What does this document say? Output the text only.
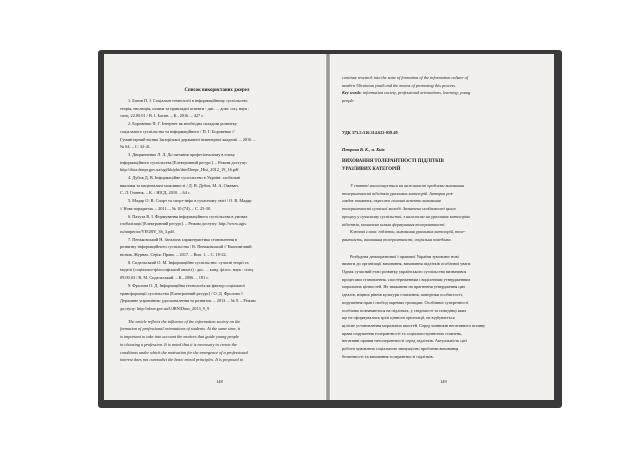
Список використаних джерел

1. Багин П. І. Соціальні технології в інформаційному суспільстві:

теорія, еволюція, шляхи та прикладні аспекти : дис. ... докт. соц. наук :

спец. 22.00.01 / В. І. Багин. – К., 2016. – 427 с.

2. Боровенко П. Г. Інтернет як необхідна складова розвитку

соціального суспільства та інформаційного / П. Г. Боровенко //

Гуманітарний вісник Запорізької державної інженерної академії. – 2016. –

№ 64. – С. 32-41.

3. Дворянченко Л. Л. До питання професіоналізму в епоху

інформаційного суспільства [Електронний ресурс]. – Режим доступу:

http://dsia.dnepr.gov.ua/ugt/kb/phs/dne/Dnepr_Hist_2012_19_16.pdf

4. Дубов Д. В. Інформаційне суспільство в Україні: глобальні

виклики та національні можливості / Д. В. Дубов, М. А. Ожеван,

С. Л. Гнатюк. – К. : НІСД, 2010. – 64 с.

5. Мадяр О. В. Спорт та спорт-інфо в сучасному світі / О. В. Мадяр

// Нова парадигма. – 2011. – № 10 (74). – С. 25-30.

6. Пахута В. І. Формування інформаційного суспільства в умовах

глобалізації [Електронний ресурс]. – Режим доступу: http://www.agis.

ru/amperior/VEGBY_36_3.pdf.

7. Пеньковський Н. Загальна характеристика становлення в

розвитку інформаційного суспільства / В. Пеньковський // Економічний

вісник. Журнал. Серія: Право. – 2017. – Вип. 1. – С. 18-22.

8. Сидельський О. М. Інформаційне суспільство: сучасні теорії та

моделі (соціально-філософський аналіз) : дис. ... канд. філос. наук : спец.

09.00.03 / В. М. Сидельський. – К., 2006. – 181 с.

9. Фролова О. Д. Інформаційна технологія як фактор соціальної

трансформації суспільства [Електронний ресурс] / О. Д. Фролова //

Державне управління: удосконалення та розвиток. – 2013. – № 9. – Режим

доступу: http://nbuv.gov.ua/UJRN/Duur_2013_9_9

The article reflects the influence of the information society on the

formation of professional orientations of students. At the same time, it

is important to take into account the motives that guide young people

in choosing a profession. It is noted that it is necessary to create the

conditions under which the motivation for the emergence of a professional

interest does not contradict the basic moral principles. It is proposed to

148

continue research into the state of formation of the information culture of

modern Ukrainian youth and the means of promoting this process.

Key words: information society, professional orientations, learning, young

people.

УДК 373.5:316.314.622-058.49

Петрова В. К., м. Київ

ВИХОВАННЯ ТОЛЕРАНТНОСТІ ПІДЛІТКІВ

УРАЗЛИВИХ КАТЕГОРІЙ

У статті наголошується на важливості проблеми виховання

толерантності підлітків уразливих категорій. Авторка роз-

глядає поняття, окреслює основні аспекти виховання

толерантності сучасної молоді. Зазначено особливості цього

процесу у сучасному суспільстві, з наголосом на уразливих категоріях

підлітків, визначено шляхи формування толерантності.

Ключові слова: підлітки, виховання уразливих категорій, толе-

рантність, виховання толерантності, соціальна поведінка.

Розбудова демократичної і правової України зумовлює нові

вимоги до організації виховання, виховання підлітків особливої уваги.

Однак сучасний етап розвитку українського суспільства визначився

процесами становлення, спостереженням і виділенням утвердженням

моральних цінностей. Не зважаючи на прагнення утвердження цих

ідеалів, міцних рівнів культури ставлення, поведінки особистості,

порушення прав і свобод окремих громадян. Особливої суперечності

особливо позначаються на підлітках, у свідомості та поведінці яких

ще не сформувалися зрілі ціннісні орієнтації, не відбувається

цілісне установлення моральних якостей. Серед чинників негативного впливу

права порушення толерантності та соціально-ціннісних ставлень,

негативні прояви нетолерантності серед підлітків. Актуальність цієї

роботи зумовлена соціальною значущістю проблеми вихованця

безпечності та виховання толерантності підлітків.

149
